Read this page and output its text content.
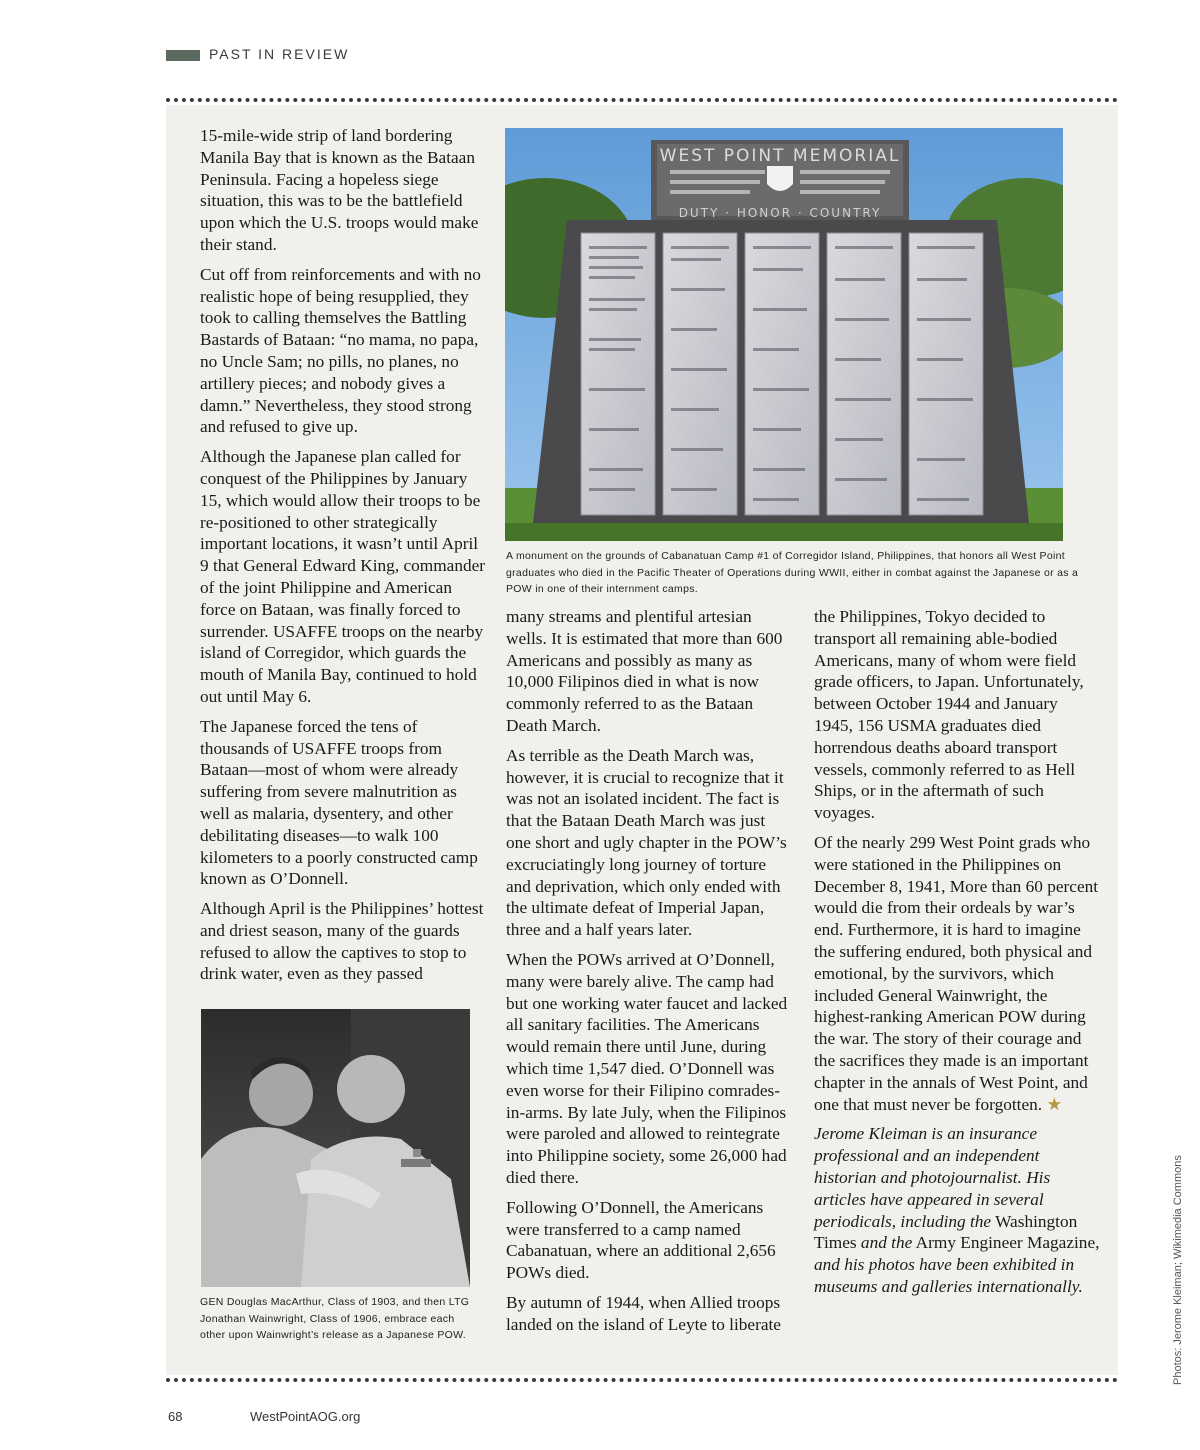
PAST IN REVIEW

15-mile-wide strip of land bordering Manila Bay that is known as the Bataan Peninsula. Facing a hopeless siege situation, this was to be the battlefield upon which the U.S. troops would make their stand.

Cut off from reinforcements and with no realistic hope of being resupplied, they took to calling themselves the Battling Bastards of Bataan: “no mama, no papa, no Uncle Sam; no pills, no planes, no artillery pieces; and nobody gives a damn.” Nevertheless, they stood strong and refused to give up.

Although the Japanese plan called for conquest of the Philippines by January 15, which would allow their troops to be re-positioned to other strategically important locations, it wasn’t until April 9 that General Edward King, commander of the joint Philippine and American force on Bataan, was finally forced to surrender. USAFFE troops on the nearby island of Corregidor, which guards the mouth of Manila Bay, continued to hold out until May 6.

The Japanese forced the tens of thousands of USAFFE troops from Bataan—most of whom were already suffering from severe malnutrition as well as malaria, dysentery, and other debilitating diseases—to walk 100 kilometers to a poorly constructed camp known as O’Donnell.

Although April is the Philippines’ hottest and driest season, many of the guards refused to allow the captives to stop to drink water, even as they passed

WEST POINT MEMORIAL
DUTY · HONOR · COUNTRY
A monument on the grounds of Cabanatuan Camp #1 of Corregidor Island, Philippines, that honors all West Point graduates who died in the Pacific Theater of Operations during WWII, either in combat against the Japanese or as a POW in one of their internment camps.
GEN Douglas MacArthur, Class of 1903, and then LTG Jonathan Wainwright, Class of 1906, embrace each other upon Wainwright’s release as a Japanese POW.

many streams and plentiful artesian wells. It is estimated that more than 600 Americans and possibly as many as 10,000 Filipinos died in what is now commonly referred to as the Bataan Death March.

As terrible as the Death March was, however, it is crucial to recognize that it was not an isolated incident. The fact is that the Bataan Death March was just one short and ugly chapter in the POW’s excruciatingly long journey of torture and deprivation, which only ended with the ultimate defeat of Imperial Japan, three and a half years later.

When the POWs arrived at O’Donnell, many were barely alive. The camp had but one working water faucet and lacked all sanitary facilities. The Americans would remain there until June, during which time 1,547 died. O’Donnell was even worse for their Filipino comrades-in-arms. By late July, when the Filipinos were paroled and allowed to reintegrate into Philippine society, some 26,000 had died there.

Following O’Donnell, the Americans were transferred to a camp named Cabanatuan, where an additional 2,656 POWs died.

By autumn of 1944, when Allied troops landed on the island of Leyte to liberate

the Philippines, Tokyo decided to transport all remaining able-bodied Americans, many of whom were field grade officers, to Japan. Unfortunately, between October 1944 and January 1945, 156 USMA graduates died horrendous deaths aboard transport vessels, commonly referred to as Hell Ships, or in the aftermath of such voyages.

Of the nearly 299 West Point grads who were stationed in the Philippines on December 8, 1941, More than 60 percent would die from their ordeals by war’s end. Furthermore, it is hard to imagine the suffering endured, both physical and emotional, by the survivors, which included General Wainwright, the highest-ranking American POW during the war. The story of their courage and the sacrifices they made is an important chapter in the annals of West Point, and one that must never be forgotten. ★

Jerome Kleiman is an insurance professional and an independent historian and photojournalist. His articles have appeared in several periodicals, including the Washington Times and the Army Engineer Magazine, and his photos have been exhibited in museums and galleries internationally.	Photos: Jerome Kleiman; Wikimedia Commons
68	WestPointAOG.org
